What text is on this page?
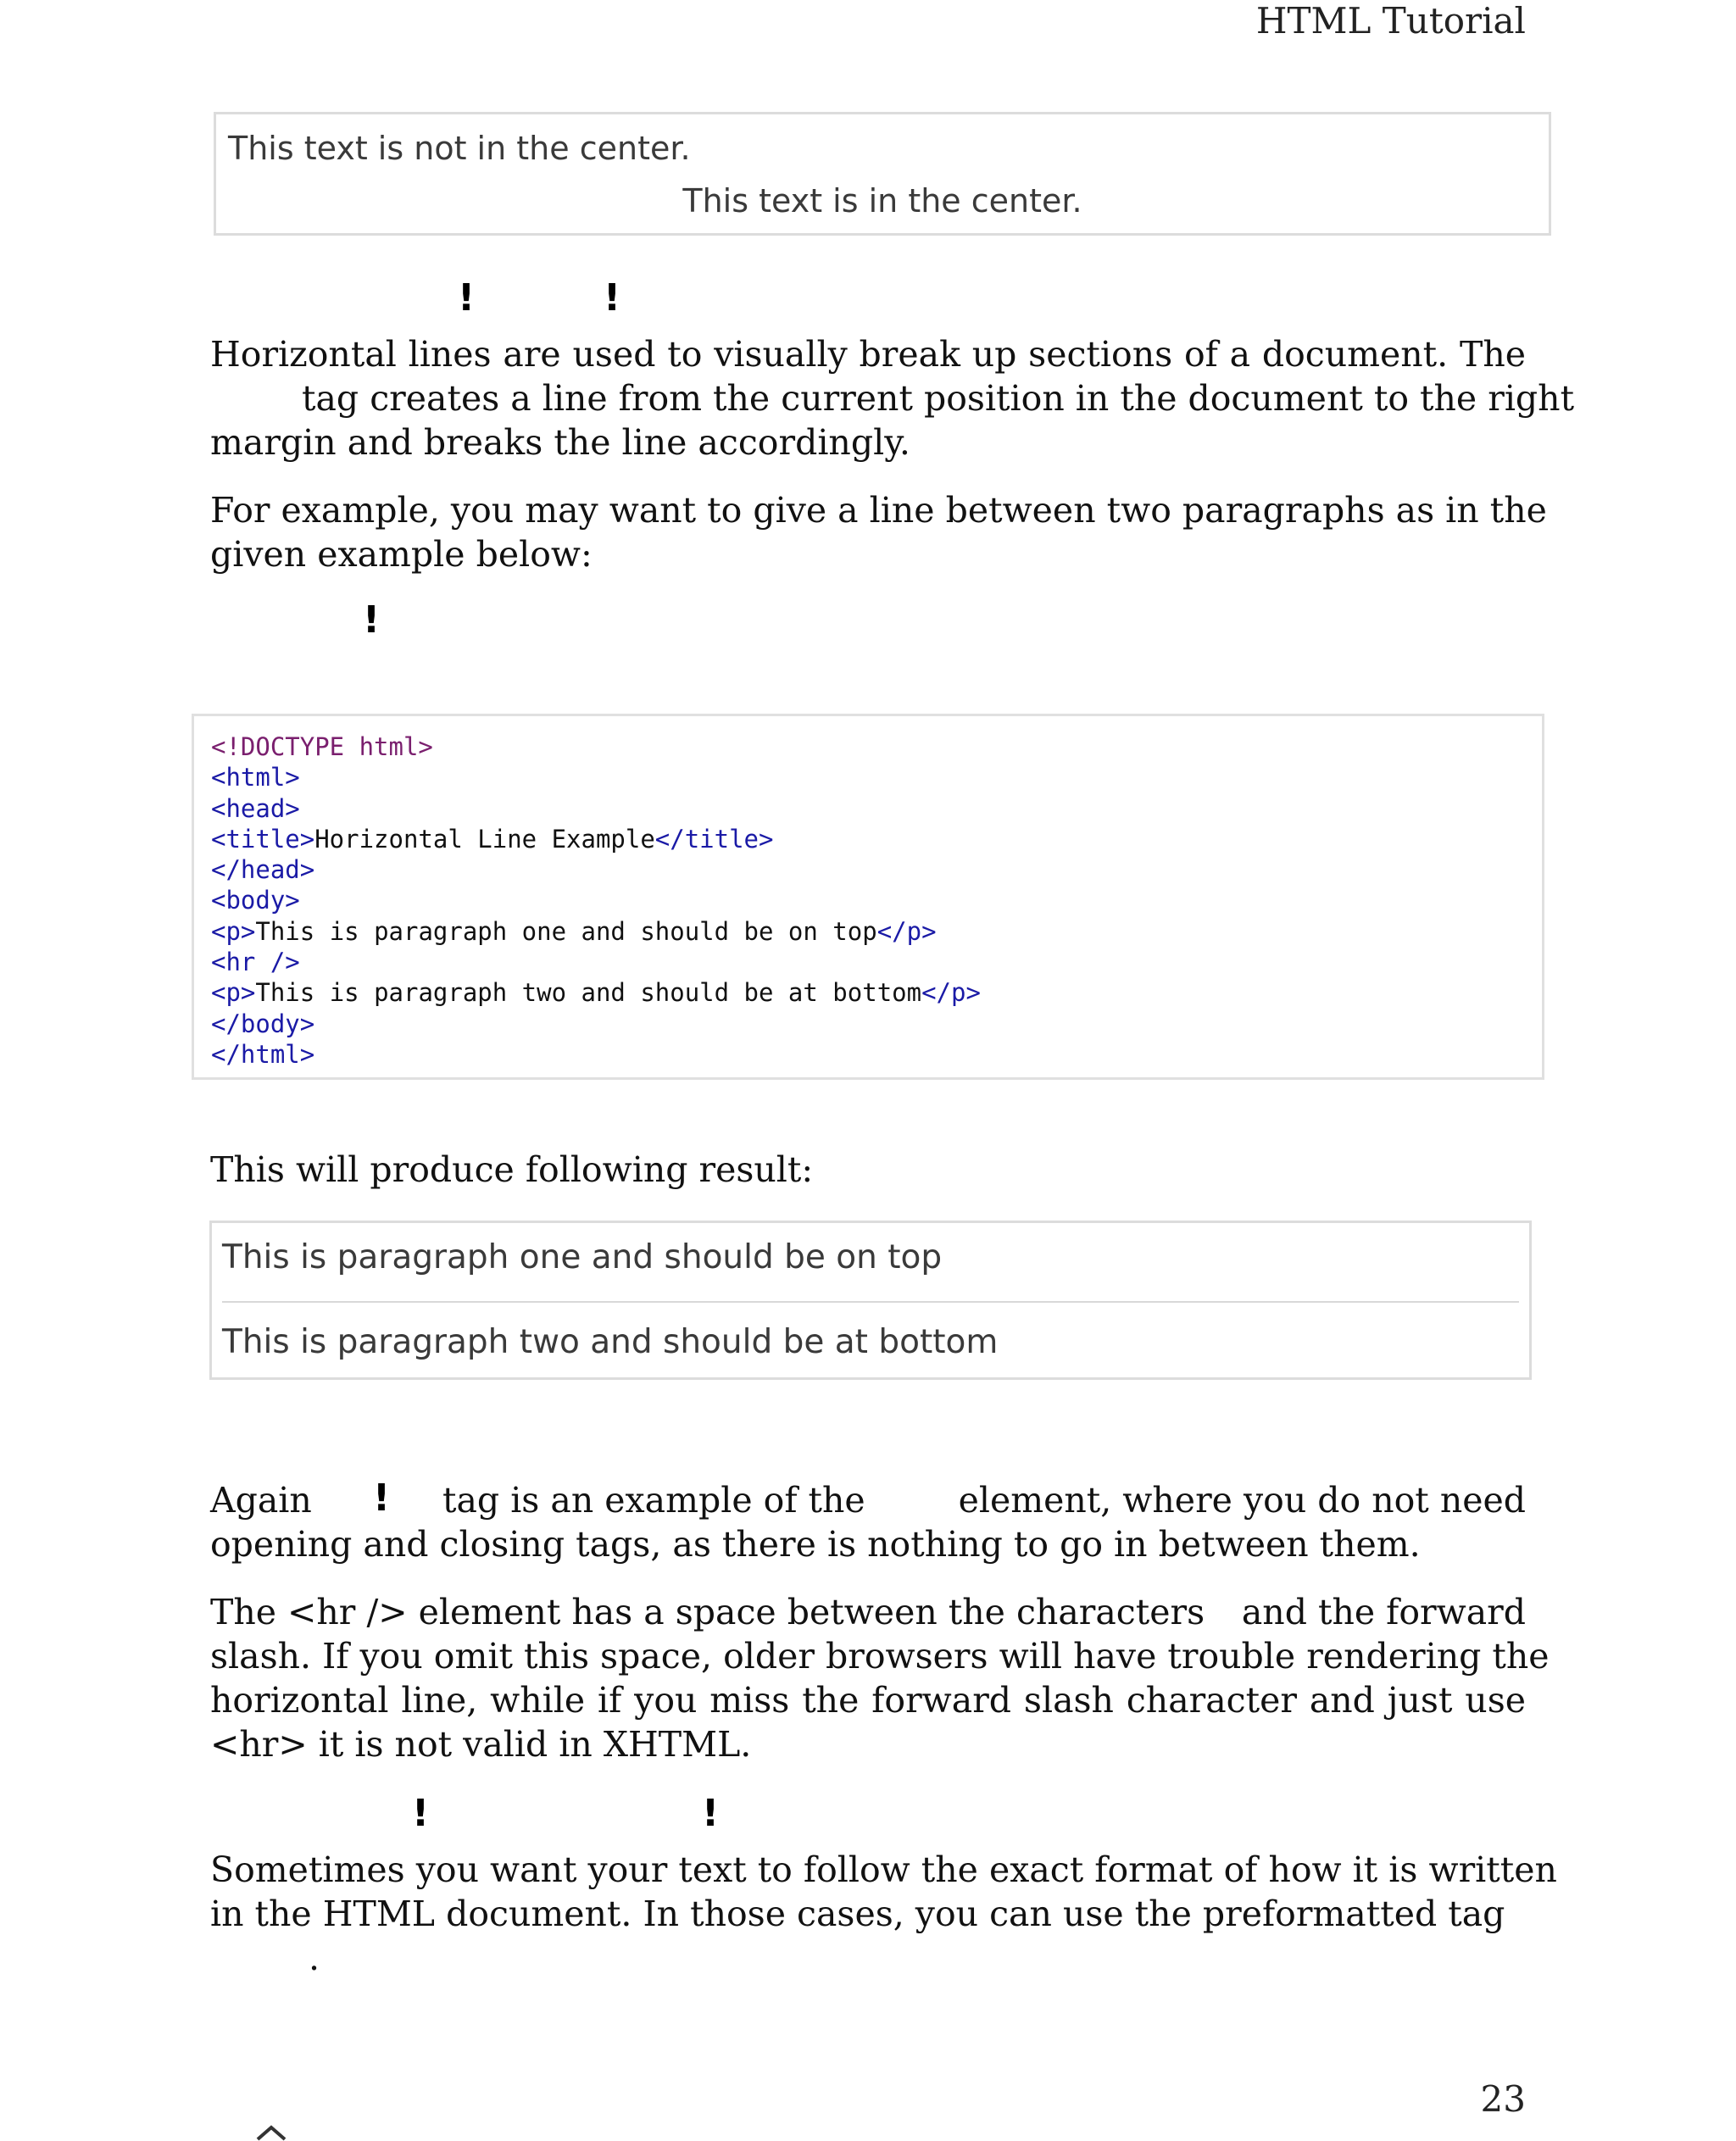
HTML Tutorial
This text is not in the center.
This text is in the center.
!	!
Horizontal lines are used to visually break up sections of a document. The
tag creates a line from the current position in the document to the right
margin and breaks the line accordingly.
For example, you may want to give a line between two paragraphs as in the
given example below:
!
<!DOCTYPE html>
<html>
<head>
<title>Horizontal Line Example</title>
</head>
<body>
<p>This is paragraph one and should be on top</p>
<hr />
<p>This is paragraph two and should be at bottom</p>
</body>
</html>
This will produce following result:
This is paragraph one and should be on top
This is paragraph two and should be at bottom
Again ! tag is an example of the	element, where you do not need
opening and closing tags, as there is nothing to go in between them.
The <hr /> element has a space between the characters and the forward
slash. If you omit this space, older browsers will have trouble rendering the
horizontal line, while if you miss the forward slash character and just use
<hr> it is not valid in XHTML.
!	!
Sometimes you want your text to follow the exact format of how it is written
in the HTML document. In those cases, you can use the preformatted tag
.
23
